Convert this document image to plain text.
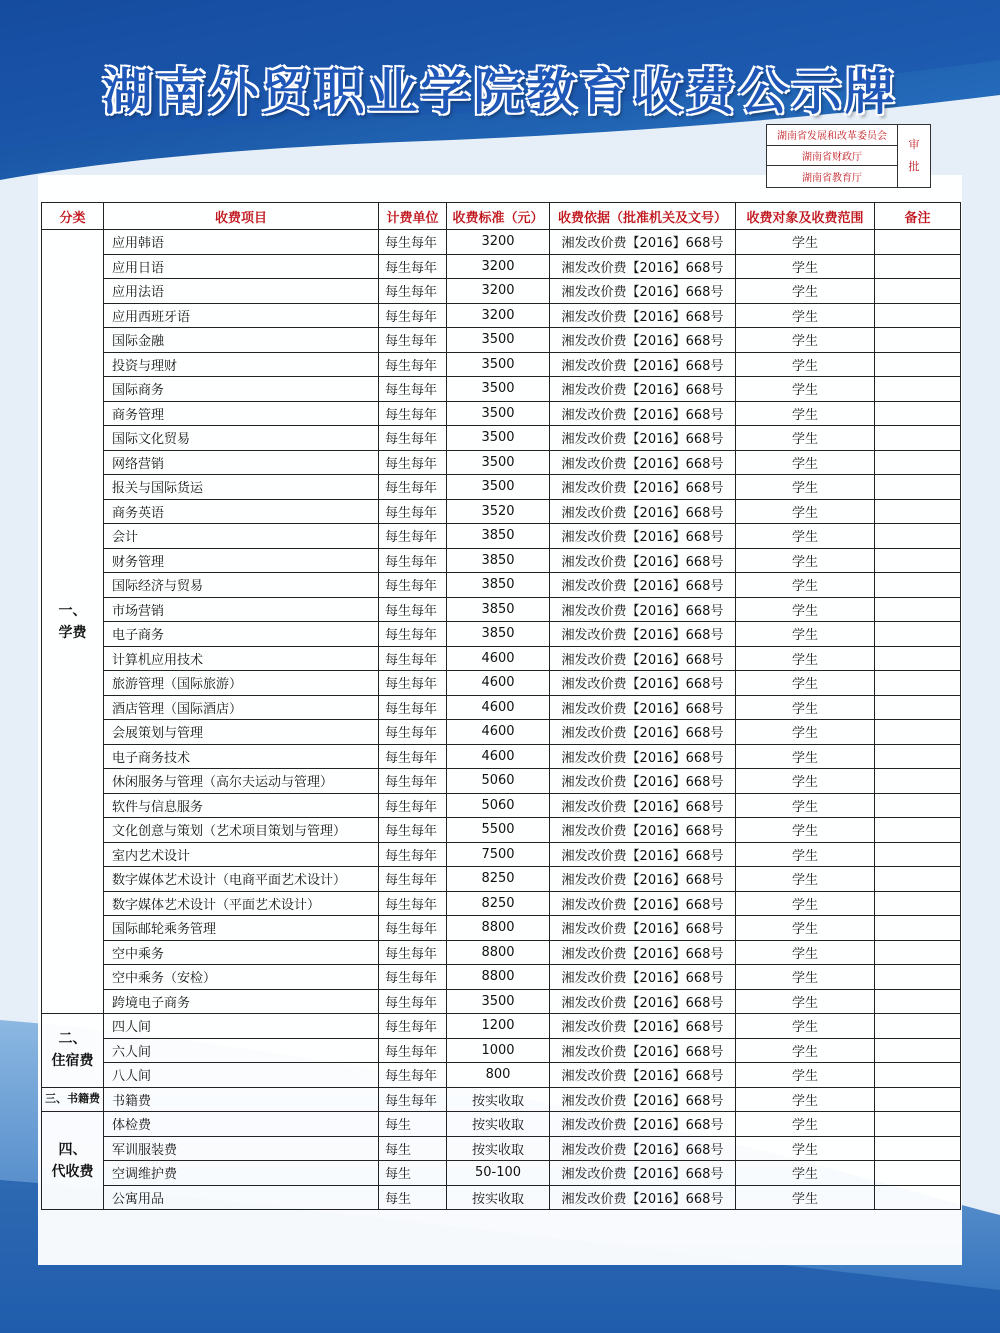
湖南外贸职业学院教育收费公示牌
湖南省发展和改革委员会
湖南省财政厅
湖南省教育厅
审
批
分类	收费项目	计费单位	收费标准（元）	收费依据（批准机关及文号）	收费对象及收费范围	备注
一、
学费	应用韩语	每生每年	3200	湘发改价费【2016】668号	学生	
	应用日语	每生每年	3200	湘发改价费【2016】668号	学生	
	应用法语	每生每年	3200	湘发改价费【2016】668号	学生	
	应用西班牙语	每生每年	3200	湘发改价费【2016】668号	学生	
	国际金融	每生每年	3500	湘发改价费【2016】668号	学生	
	投资与理财	每生每年	3500	湘发改价费【2016】668号	学生	
	国际商务	每生每年	3500	湘发改价费【2016】668号	学生	
	商务管理	每生每年	3500	湘发改价费【2016】668号	学生	
	国际文化贸易	每生每年	3500	湘发改价费【2016】668号	学生	
	网络营销	每生每年	3500	湘发改价费【2016】668号	学生	
	报关与国际货运	每生每年	3500	湘发改价费【2016】668号	学生	
	商务英语	每生每年	3520	湘发改价费【2016】668号	学生	
	会计	每生每年	3850	湘发改价费【2016】668号	学生	
	财务管理	每生每年	3850	湘发改价费【2016】668号	学生	
	国际经济与贸易	每生每年	3850	湘发改价费【2016】668号	学生	
	市场营销	每生每年	3850	湘发改价费【2016】668号	学生	
	电子商务	每生每年	3850	湘发改价费【2016】668号	学生	
	计算机应用技术	每生每年	4600	湘发改价费【2016】668号	学生	
	旅游管理（国际旅游）	每生每年	4600	湘发改价费【2016】668号	学生	
	酒店管理（国际酒店）	每生每年	4600	湘发改价费【2016】668号	学生	
	会展策划与管理	每生每年	4600	湘发改价费【2016】668号	学生	
	电子商务技术	每生每年	4600	湘发改价费【2016】668号	学生	
	休闲服务与管理（高尔夫运动与管理）	每生每年	5060	湘发改价费【2016】668号	学生	
	软件与信息服务	每生每年	5060	湘发改价费【2016】668号	学生	
	文化创意与策划（艺术项目策划与管理）	每生每年	5500	湘发改价费【2016】668号	学生	
	室内艺术设计	每生每年	7500	湘发改价费【2016】668号	学生	
	数字媒体艺术设计（电商平面艺术设计）	每生每年	8250	湘发改价费【2016】668号	学生	
	数字媒体艺术设计（平面艺术设计）	每生每年	8250	湘发改价费【2016】668号	学生	
	国际邮轮乘务管理	每生每年	8800	湘发改价费【2016】668号	学生	
	空中乘务	每生每年	8800	湘发改价费【2016】668号	学生	
	空中乘务（安检）	每生每年	8800	湘发改价费【2016】668号	学生	
	跨境电子商务	每生每年	3500	湘发改价费【2016】668号	学生	
二、
住宿费	四人间	每生每年	1200	湘发改价费【2016】668号	学生	
	六人间	每生每年	1000	湘发改价费【2016】668号	学生	
	八人间	每生每年	800	湘发改价费【2016】668号	学生	
三、书籍费	书籍费	每生每年	按实收取	湘发改价费【2016】668号	学生	
四、
代收费	体检费	每生	按实收取	湘发改价费【2016】668号	学生	
	军训服装费	每生	按实收取	湘发改价费【2016】668号	学生	
	空调维护费	每生	50-100	湘发改价费【2016】668号	学生	
	公寓用品	每生	按实收取	湘发改价费【2016】668号	学生	
